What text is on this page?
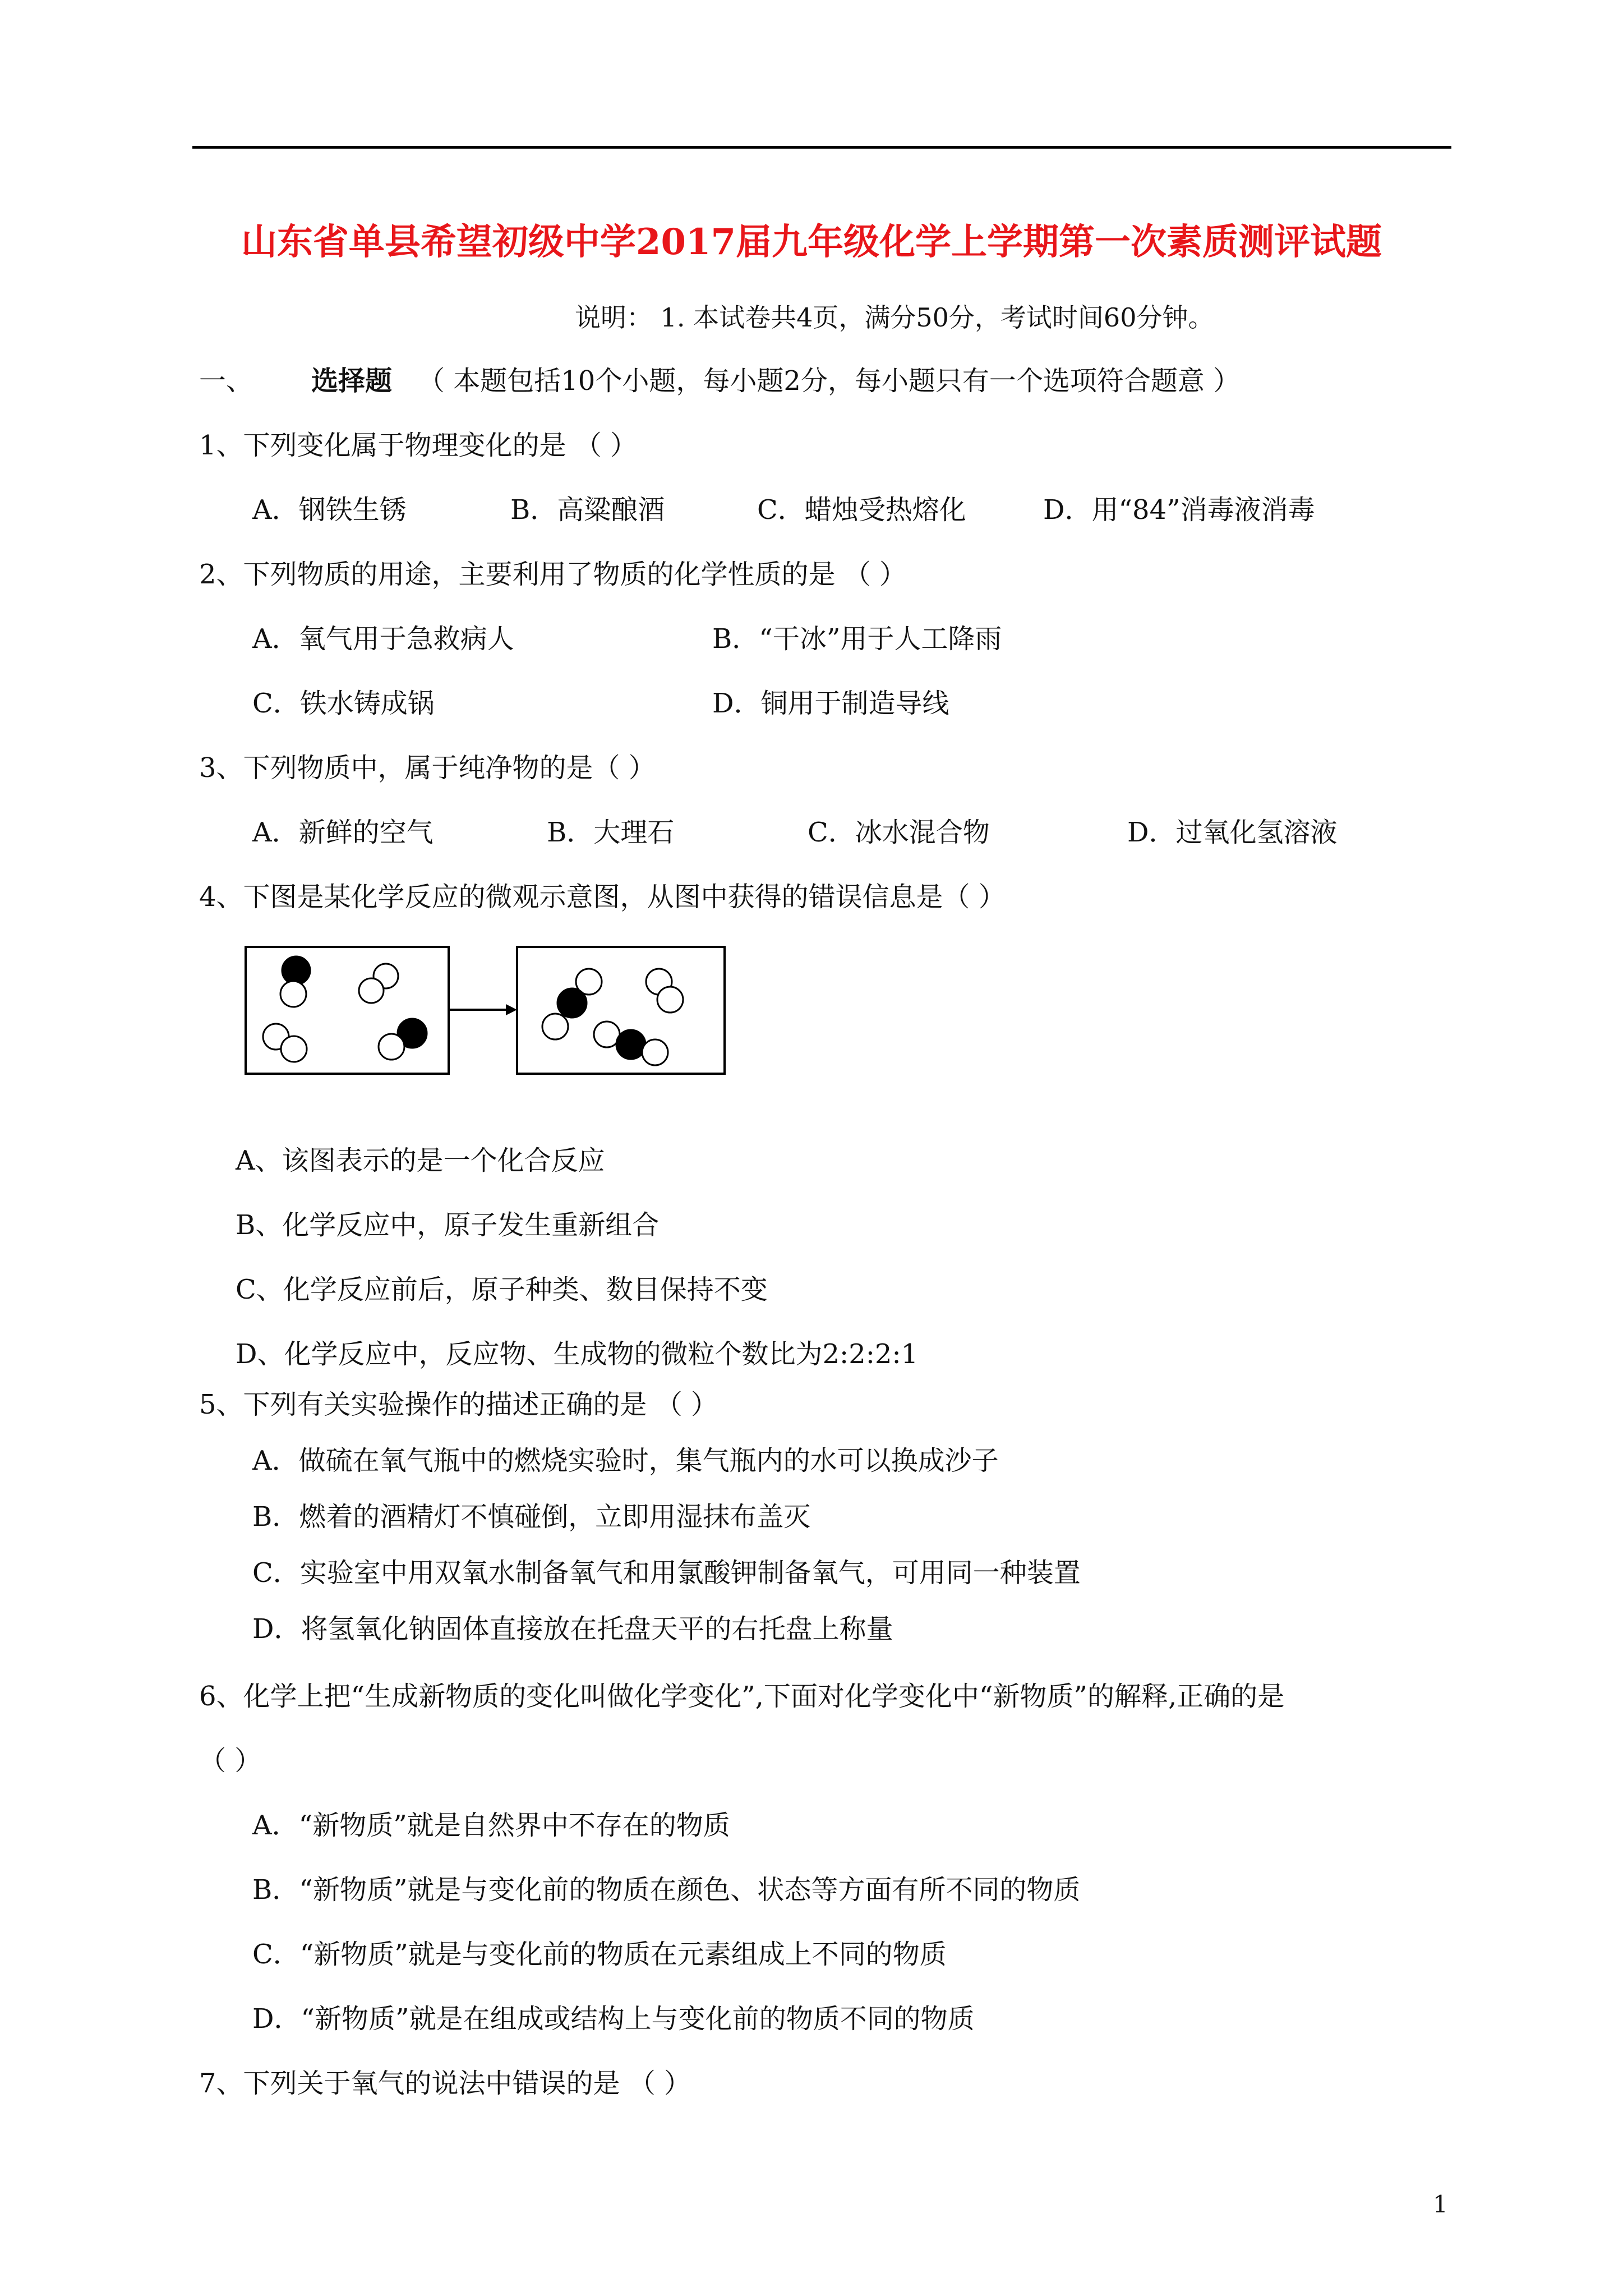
山东省单县希望初级中学2017届九年级化学上学期第一次素质测评试题
说明： 1. 本试卷共4页，满分50分，考试时间60分钟。
一、 选择题 （ 本题包括10个小题，每小题2分，每小题只有一个选项符合题意 ）
1、下列变化属于物理变化的是 （ ）
A．钢铁生锈	B．高粱酿酒	C．蜡烛受热熔化	D．用“84”消毒液消毒
2、下列物质的用途，主要利用了物质的化学性质的是 （ ）
A．氧气用于急救病人	B．“干冰”用于人工降雨
C．铁水铸成锅	D．铜用于制造导线
3、下列物质中，属于纯净物的是（ ）
A．新鲜的空气	B．大理石	C．冰水混合物	D．过氧化氢溶液
4、下图是某化学反应的微观示意图，从图中获得的错误信息是（ ）
A、该图表示的是一个化合反应
B、化学反应中，原子发生重新组合
C、化学反应前后，原子种类、数目保持不变
D、化学反应中，反应物、生成物的微粒个数比为2:2:2:1
5、下列有关实验操作的描述正确的是 （ ）
A．做硫在氧气瓶中的燃烧实验时，集气瓶内的水可以换成沙子
B．燃着的酒精灯不慎碰倒，立即用湿抹布盖灭
C．实验室中用双氧水制备氧气和用氯酸钾制备氧气，可用同一种装置
D．将氢氧化钠固体直接放在托盘天平的右托盘上称量
6、化学上把“生成新物质的变化叫做化学变化”,下面对化学变化中“新物质”的解释,正确的是
（ ）
A．“新物质”就是自然界中不存在的物质
B．“新物质”就是与变化前的物质在颜色、状态等方面有所不同的物质
C．“新物质”就是与变化前的物质在元素组成上不同的物质
D．“新物质”就是在组成或结构上与变化前的物质不同的物质
7、下列关于氧气的说法中错误的是 （ ）
1
